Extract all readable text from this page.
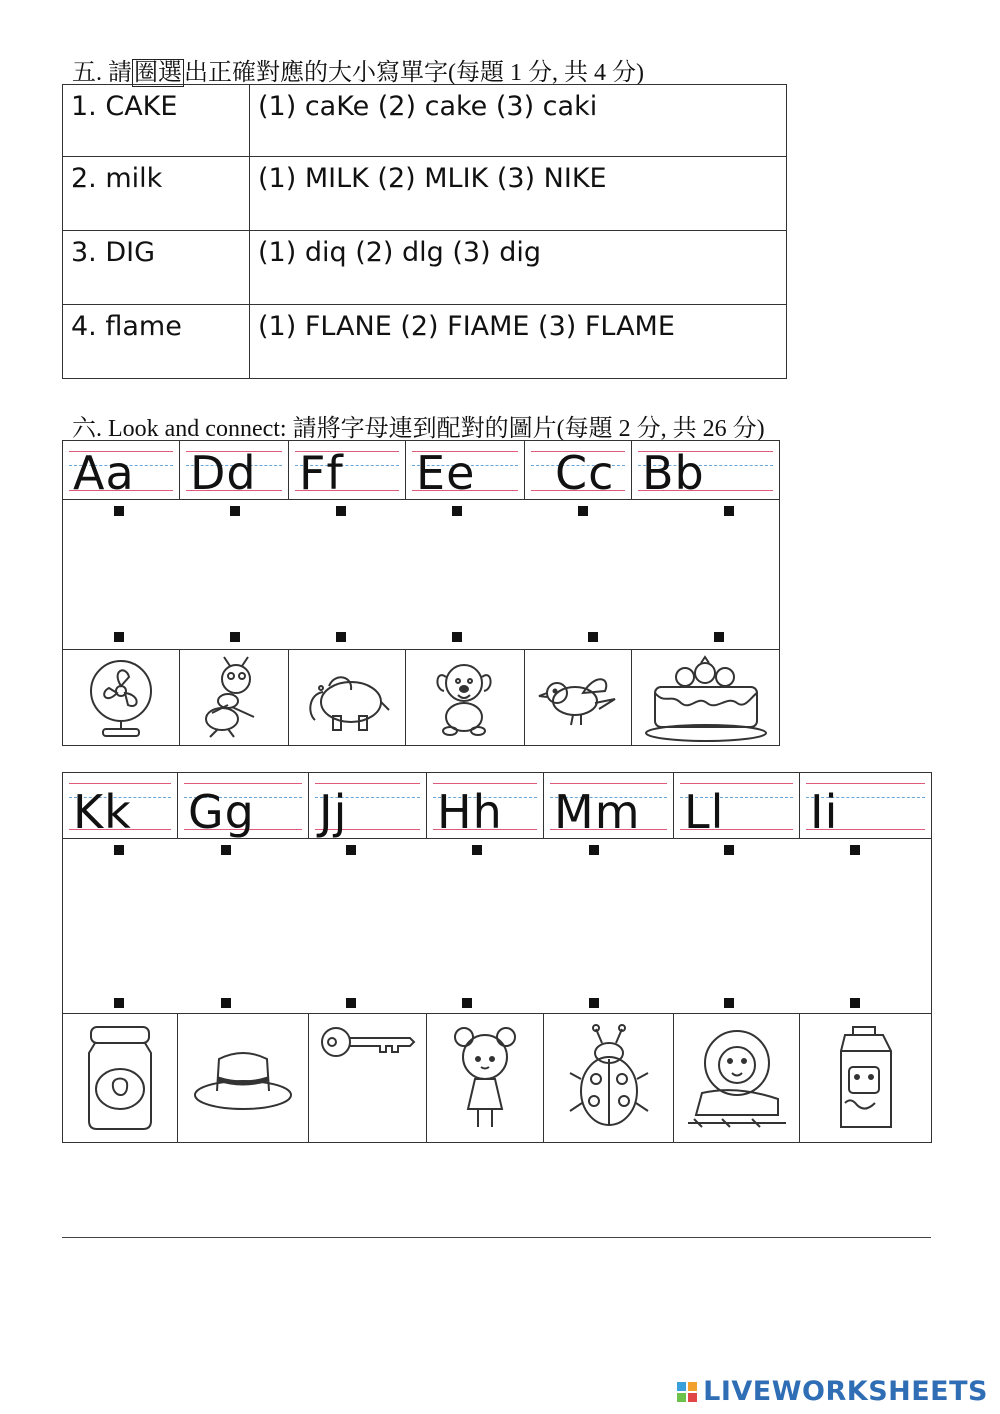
五. 請圈選出正確對應的大小寫單字(每題 1 分, 共 4 分)
1. CAKE	(1) caKe (2) cake (3) caki
2. milk	(1) MILK (2) MLIK (3) NIKE
3. DIG	(1) diq (2) dlg (3) dig
4. flame	(1) FLANE (2) FIAME (3) FLAME
六. Look and connect: 請將字母連到配對的圖片(每題 2 分, 共 26 分)
Aa Dd Ff Ee Cc Bb
Kk Gg Jj Hh Mm Ll Ii
LIVEWORKSHEETS
